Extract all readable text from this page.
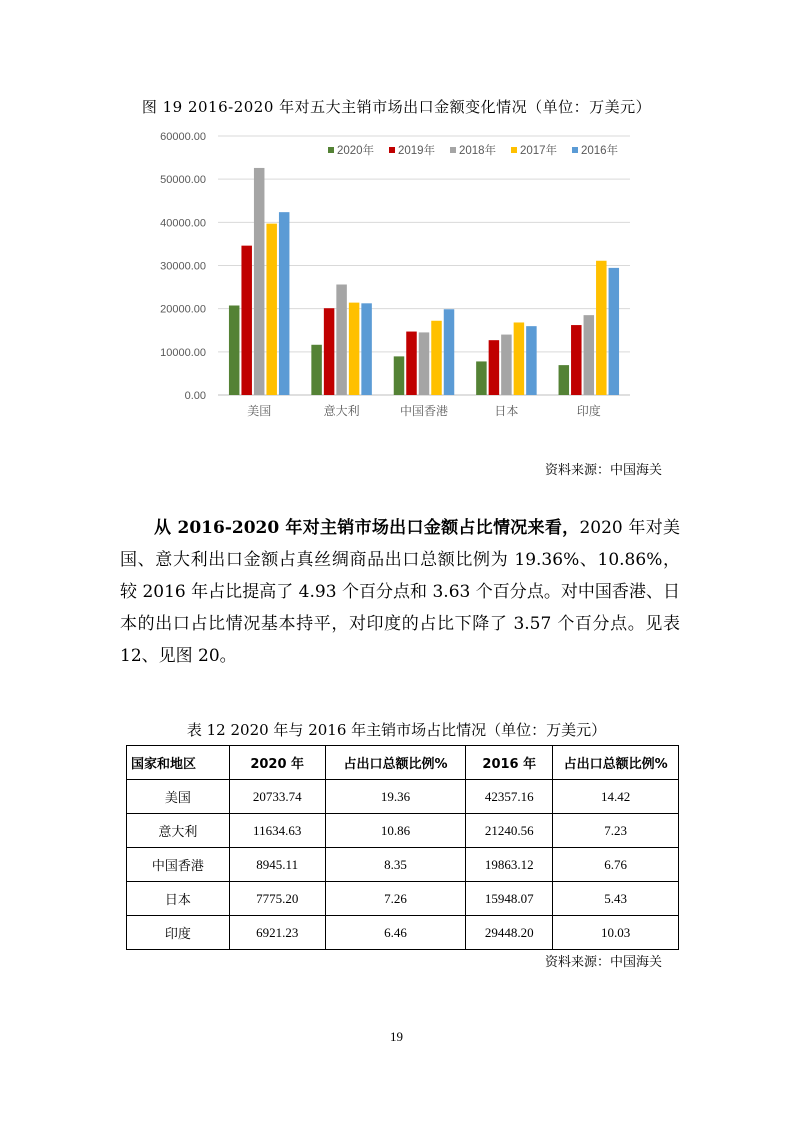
图 19 2016-2020 年对五大主销市场出口金额变化情况（单位：万美元）
0.00
10000.00
20000.00
30000.00
40000.00
50000.00
60000.00
美国	意大利	中国香港	日本	印度
2020年 2019年 2018年 2017年 2016年
资料来源：中国海关

从 2016-2020 年对主销市场出口金额占比情况来看，2020 年对美国、意大利出口金额占真丝绸商品出口总额比例为 19.36%、10.86%，较 2016 年占比提高了 4.93 个百分点和 3.63 个百分点。对中国香港、日本的出口占比情况基本持平，对印度的占比下降了 3.57 个百分点。见表 12、见图 20。

表 12 2020 年与 2016 年主销市场占比情况（单位：万美元）
国家和地区	2020 年	占出口总额比例%	2016 年	占出口总额比例%
美国	20733.74	19.36	42357.16	14.42
意大利	11634.63	10.86	21240.56	7.23
中国香港	8945.11	8.35	19863.12	6.76
日本	7775.20	7.26	15948.07	5.43
印度	6921.23	6.46	29448.20	10.03
资料来源：中国海关
19
